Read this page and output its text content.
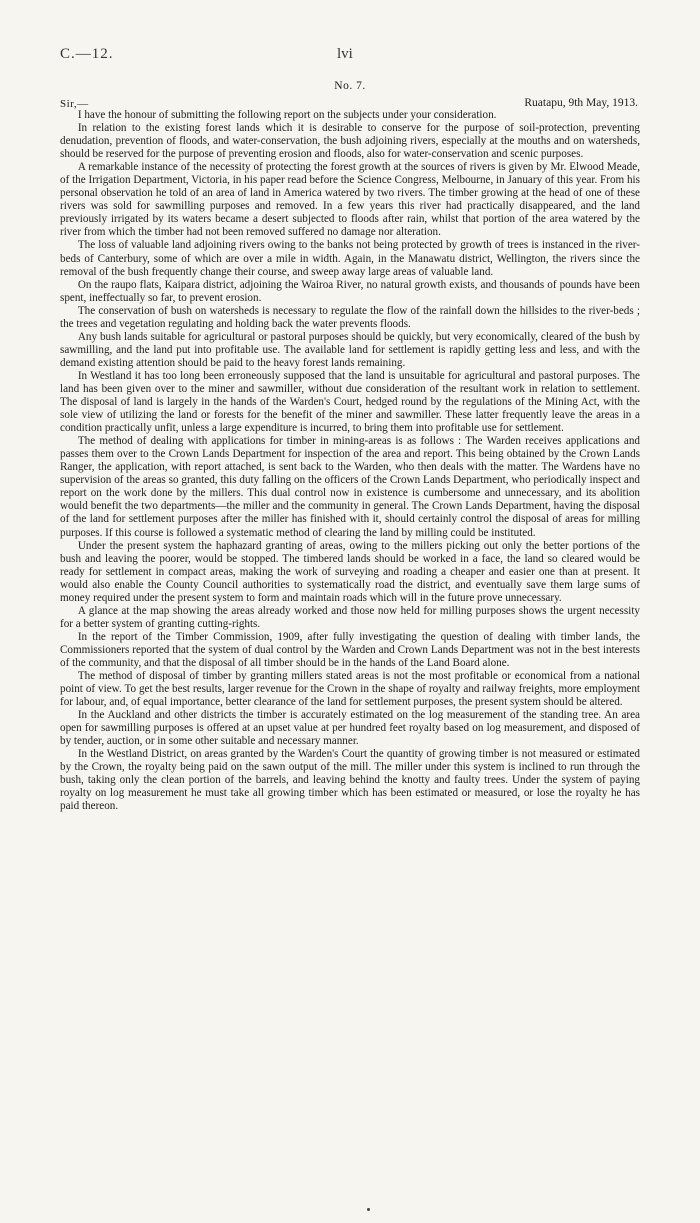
C.—12.	lvi
No. 7.
Sir,—	Ruatapu, 9th May, 1913.

I have the honour of submitting the following report on the subjects under your consideration.

In relation to the existing forest lands which it is desirable to conserve for the purpose of soil-protection, preventing denudation, prevention of floods, and water-conservation, the bush adjoining rivers, especially at the mouths and on watersheds, should be reserved for the purpose of preventing erosion and floods, also for water-conservation and scenic purposes.

A remarkable instance of the necessity of protecting the forest growth at the sources of rivers is given by Mr. Elwood Meade, of the Irrigation Department, Victoria, in his paper read before the Science Congress, Melbourne, in January of this year. From his personal observation he told of an area of land in America watered by two rivers. The timber growing at the head of one of these rivers was sold for sawmilling purposes and removed. In a few years this river had practically disappeared, and the land previously irrigated by its waters became a desert subjected to floods after rain, whilst that portion of the area watered by the river from which the timber had not been removed suffered no damage nor alteration.

The loss of valuable land adjoining rivers owing to the banks not being protected by growth of trees is instanced in the river-beds of Canterbury, some of which are over a mile in width. Again, in the Manawatu district, Wellington, the rivers since the removal of the bush frequently change their course, and sweep away large areas of valuable land.

On the raupo flats, Kaipara district, adjoining the Wairoa River, no natural growth exists, and thousands of pounds have been spent, ineffectually so far, to prevent erosion.

The conservation of bush on watersheds is necessary to regulate the flow of the rainfall down the hillsides to the river-beds ; the trees and vegetation regulating and holding back the water prevents floods.

Any bush lands suitable for agricultural or pastoral purposes should be quickly, but very economically, cleared of the bush by sawmilling, and the land put into profitable use. The available land for settlement is rapidly getting less and less, and with the demand existing attention should be paid to the heavy forest lands remaining.

In Westland it has too long been erroneously supposed that the land is unsuitable for agricultural and pastoral purposes. The land has been given over to the miner and sawmiller, without due consideration of the resultant work in relation to settlement. The disposal of land is largely in the hands of the Warden's Court, hedged round by the regulations of the Mining Act, with the sole view of utilizing the land or forests for the benefit of the miner and sawmiller. These latter frequently leave the areas in a condition practically unfit, unless a large expenditure is incurred, to bring them into profitable use for settlement.

The method of dealing with applications for timber in mining-areas is as follows : The Warden receives applications and passes them over to the Crown Lands Department for inspection of the area and report. This being obtained by the Crown Lands Ranger, the application, with report attached, is sent back to the Warden, who then deals with the matter. The Wardens have no supervision of the areas so granted, this duty falling on the officers of the Crown Lands Department, who periodically inspect and report on the work done by the millers. This dual control now in existence is cumbersome and unnecessary, and its abolition would benefit the two departments—the miller and the community in general. The Crown Lands Department, having the disposal of the land for settlement purposes after the miller has finished with it, should certainly control the disposal of areas for milling purposes. If this course is followed a systematic method of clearing the land by milling could be instituted.

Under the present system the haphazard granting of areas, owing to the millers picking out only the better portions of the bush and leaving the poorer, would be stopped. The timbered lands should be worked in a face, the land so cleared would be ready for settlement in compact areas, making the work of surveying and roading a cheaper and easier one than at present. It would also enable the County Council authorities to systematically road the district, and eventually save them large sums of money required under the present system to form and maintain roads which will in the future prove unnecessary.

A glance at the map showing the areas already worked and those now held for milling purposes shows the urgent necessity for a better system of granting cutting-rights.

In the report of the Timber Commission, 1909, after fully investigating the question of dealing with timber lands, the Commissioners reported that the system of dual control by the Warden and Crown Lands Department was not in the best interests of the community, and that the disposal of all timber should be in the hands of the Land Board alone.

The method of disposal of timber by granting millers stated areas is not the most profitable or economical from a national point of view. To get the best results, larger revenue for the Crown in the shape of royalty and railway freights, more employment for labour, and, of equal importance, better clearance of the land for settlement purposes, the present system should be altered.

In the Auckland and other districts the timber is accurately estimated on the log measurement of the standing tree. An area open for sawmilling purposes is offered at an upset value at per hundred feet royalty based on log measurement, and disposed of by tender, auction, or in some other suitable and necessary manner.

In the Westland District, on areas granted by the Warden's Court the quantity of growing timber is not measured or estimated by the Crown, the royalty being paid on the sawn output of the mill. The miller under this system is inclined to run through the bush, taking only the clean portion of the barrels, and leaving behind the knotty and faulty trees. Under the system of paying royalty on log measurement he must take all growing timber which has been estimated or measured, or lose the royalty he has paid thereon.
